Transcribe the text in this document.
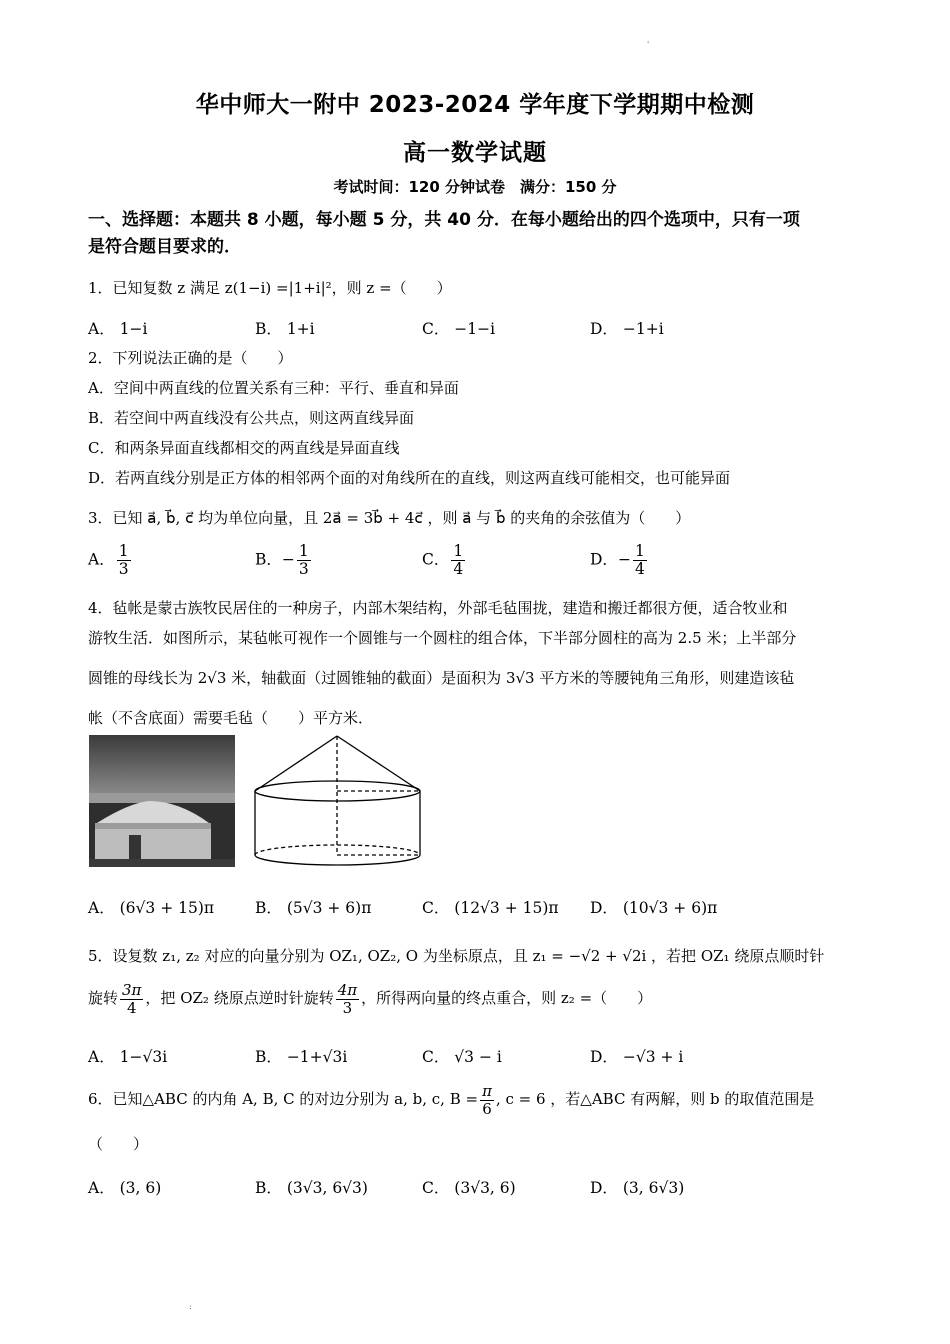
'
华中师大一附中 2023-2024 学年度下学期期中检测
高一数学试题
考试时间：120 分钟试卷　满分：150 分
一、选择题：本题共 8 小题，每小题 5 分，共 40 分．在每小题给出的四个选项中，只有一项
是符合题目要求的．
1．已知复数 z 满足 z(1−i) =|1+i|²，则 z =（　　）
A． 1−i	B． 1+i	C． −1−i	D． −1+i
2．下列说法正确的是（　　）
A．空间中两直线的位置关系有三种：平行、垂直和异面
B．若空间中两直线没有公共点，则这两直线异面
C．和两条异面直线都相交的两直线是异面直线
D．若两直线分别是正方体的相邻两个面的对角线所在的直线，则这两直线可能相交，也可能异面
3．已知 a⃗, b⃗, c⃗ 均为单位向量，且 2a⃗ = 3b⃗ + 4c⃗ ，则 a⃗ 与 b⃗ 的夹角的余弦值为（　　）
A． $\frac{1}{3}$	B．− $\frac{1}{3}$	C． $\frac{1}{4}$	D．− $\frac{1}{4}$
4．毡帐是蒙古族牧民居住的一种房子，内部木架结构，外部毛毡围拢，建造和搬迁都很方便，适合牧业和
游牧生活．如图所示，某毡帐可视作一个圆锥与一个圆柱的组合体，下半部分圆柱的高为 2.5 米；上半部分
圆锥的母线长为 2√3 米，轴截面（过圆锥轴的截面）是面积为 3√3 平方米的等腰钝角三角形，则建造该毡
帐（不含底面）需要毛毡（　　）平方米．
A． (6√3 + 15)π	B． (5√3 + 6)π	C． (12√3 + 15)π D． (10√3 + 6)π
5．设复数 z₁, z₂ 对应的向量分别为 OZ₁, OZ₂, O 为坐标原点，且 z₁ = −√2 + √2i ，若把 OZ₁ 绕原点顺时针
旋转 $\frac{3\pi}{4}$ ，把 OZ₂ 绕原点逆时针旋转 $\frac{4\pi}{3}$ ，所得两向量的终点重合，则 z₂ =（　　）
A． 1−√3i	B． −1+√3i	C． √3 − i	D． −√3 + i
6．已知△ABC 的内角 A, B, C 的对边分别为 a, b, c, $B = \frac{\pi}{6}$ , c = 6 ，若△ABC 有两解，则 b 的取值范围是
（　　）
A． (3, 6)	B． (3√3, 6√3)	C． (3√3, 6)	D． (3, 6√3)
:
